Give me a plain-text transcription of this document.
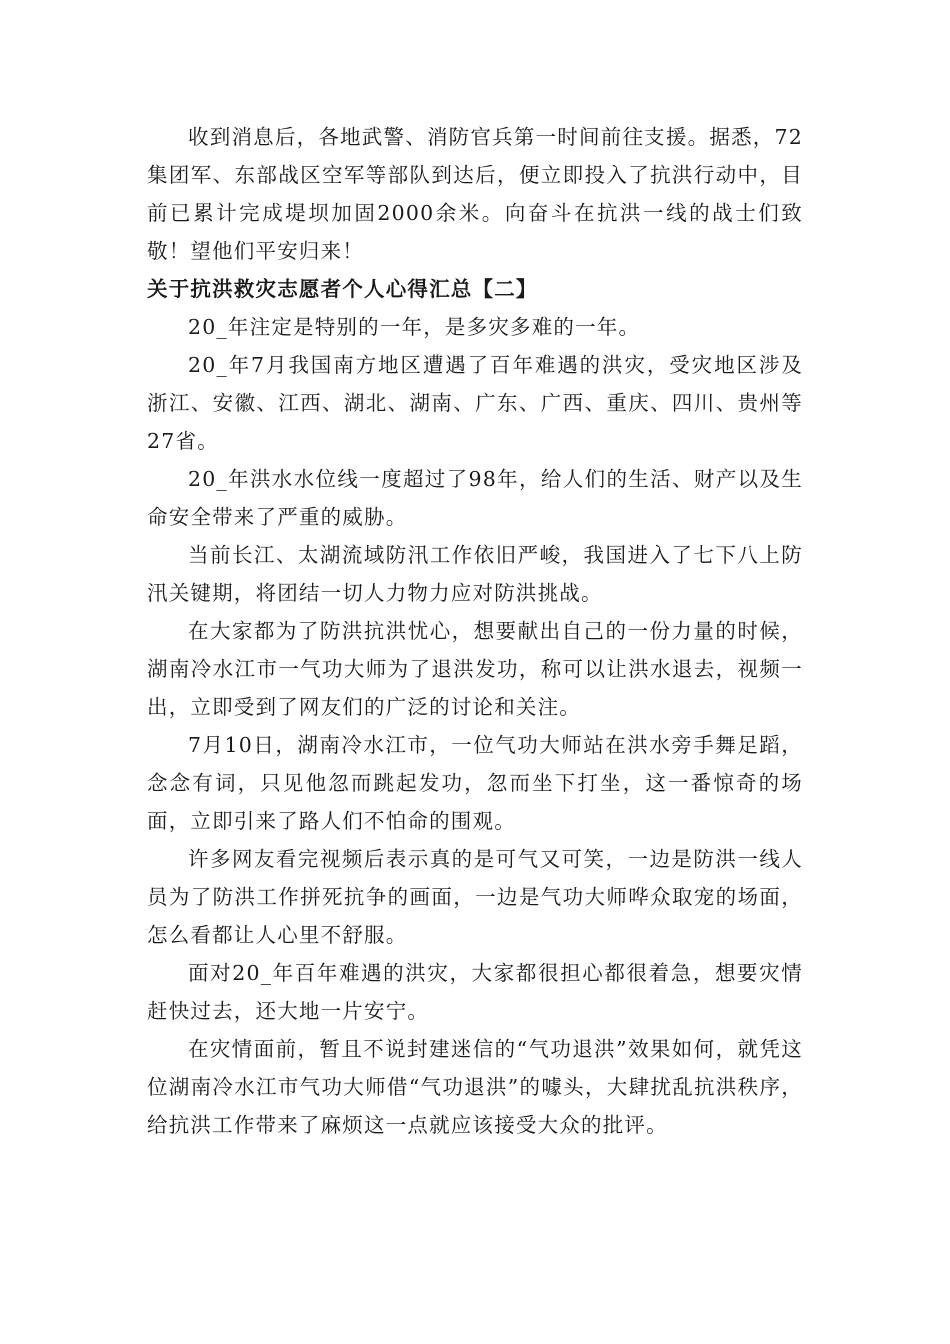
收到消息后，各地武警、消防官兵第一时间前往支援。据悉，72集团军、东部战区空军等部队到达后，便立即投入了抗洪行动中，目前已累计完成堤坝加固2000余米。向奋斗在抗洪一线的战士们致敬！望他们平安归来！

关于抗洪救灾志愿者个人心得汇总【二】

20_年注定是特别的一年，是多灾多难的一年。

20_年7月我国南方地区遭遇了百年难遇的洪灾，受灾地区涉及浙江、安徽、江西、湖北、湖南、广东、广西、重庆、四川、贵州等27省。

20_年洪水水位线一度超过了98年，给人们的生活、财产以及生命安全带来了严重的威胁。

当前长江、太湖流域防汛工作依旧严峻，我国进入了七下八上防汛关键期，将团结一切人力物力应对防洪挑战。

在大家都为了防洪抗洪忧心，想要献出自己的一份力量的时候，湖南冷水江市一气功大师为了退洪发功，称可以让洪水退去，视频一出，立即受到了网友们的广泛的讨论和关注。

7月10日，湖南冷水江市，一位气功大师站在洪水旁手舞足蹈，念念有词，只见他忽而跳起发功，忽而坐下打坐，这一番惊奇的场面，立即引来了路人们不怕命的围观。

许多网友看完视频后表示真的是可气又可笑，一边是防洪一线人员为了防洪工作拼死抗争的画面，一边是气功大师哗众取宠的场面，怎么看都让人心里不舒服。

面对20_年百年难遇的洪灾，大家都很担心都很着急，想要灾情赶快过去，还大地一片安宁。

在灾情面前，暂且不说封建迷信的“气功退洪”效果如何，就凭这位湖南冷水江市气功大师借“气功退洪”的噱头，大肆扰乱抗洪秩序，给抗洪工作带来了麻烦这一点就应该接受大众的批评。
